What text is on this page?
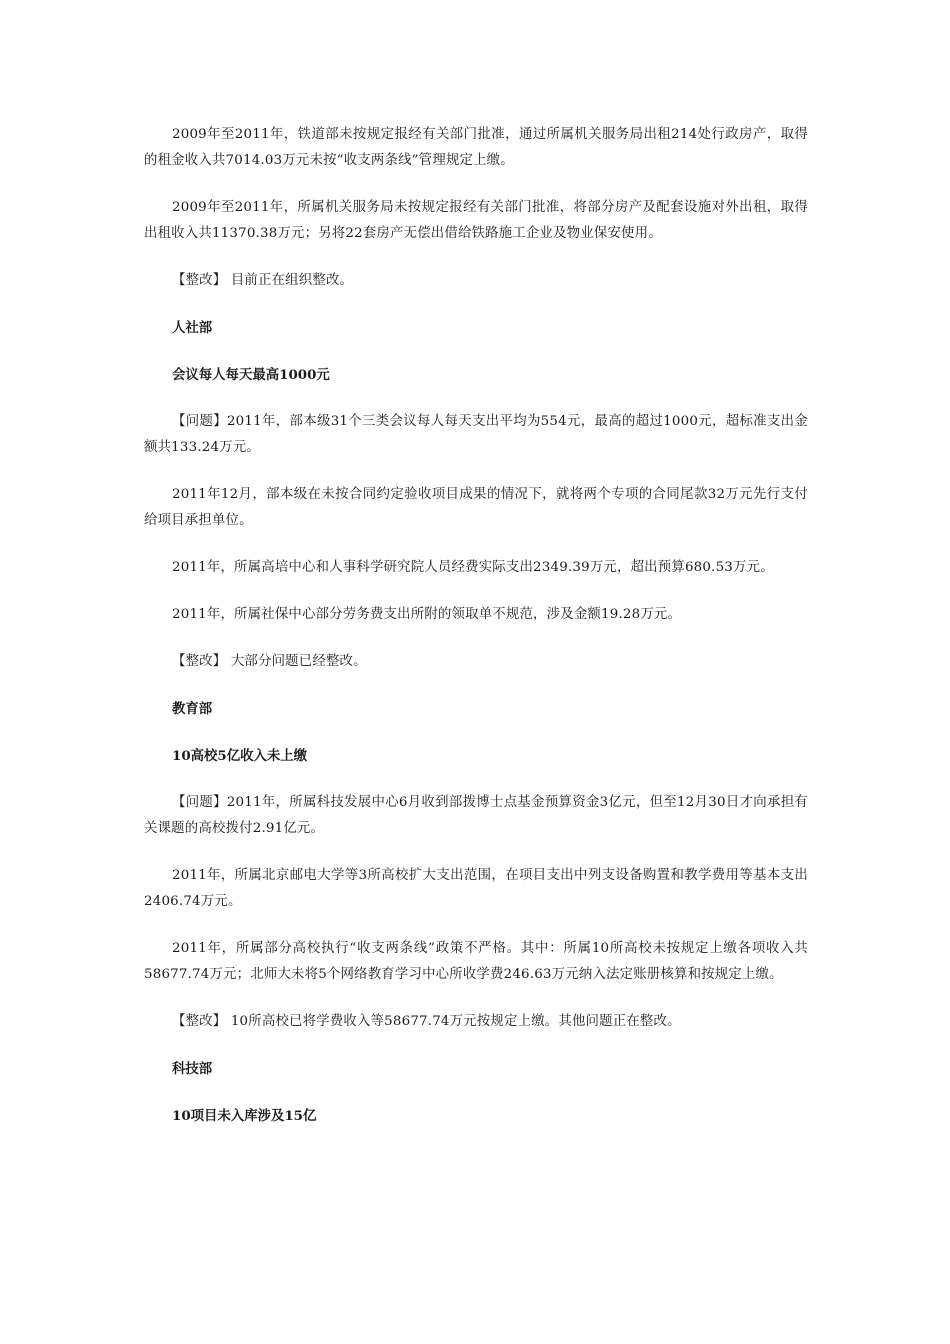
2009年至2011年，铁道部未按规定报经有关部门批准，通过所属机关服务局出租214处行政房产，取得的租金收入共7014.03万元未按“收支两条线”管理规定上缴。

2009年至2011年，所属机关服务局未按规定报经有关部门批准，将部分房产及配套设施对外出租，取得出租收入共11370.38万元；另将22套房产无偿出借给铁路施工企业及物业保安使用。

【整改】 目前正在组织整改。

人社部

会议每人每天最高1000元

【问题】2011年，部本级31个三类会议每人每天支出平均为554元，最高的超过1000元，超标准支出金额共133.24万元。

2011年12月，部本级在未按合同约定验收项目成果的情况下，就将两个专项的合同尾款32万元先行支付给项目承担单位。

2011年，所属高培中心和人事科学研究院人员经费实际支出2349.39万元，超出预算680.53万元。

2011年，所属社保中心部分劳务费支出所附的领取单不规范，涉及金额19.28万元。

【整改】 大部分问题已经整改。

教育部

10高校5亿收入未上缴

【问题】2011年，所属科技发展中心6月收到部拨博士点基金预算资金3亿元，但至12月30日才向承担有关课题的高校拨付2.91亿元。

2011年，所属北京邮电大学等3所高校扩大支出范围，在项目支出中列支设备购置和教学费用等基本支出2406.74万元。

2011年，所属部分高校执行“收支两条线”政策不严格。其中：所属10所高校未按规定上缴各项收入共58677.74万元；北师大未将5个网络教育学习中心所收学费246.63万元纳入法定账册核算和按规定上缴。

【整改】 10所高校已将学费收入等58677.74万元按规定上缴。其他问题正在整改。

科技部

10项目未入库涉及15亿
